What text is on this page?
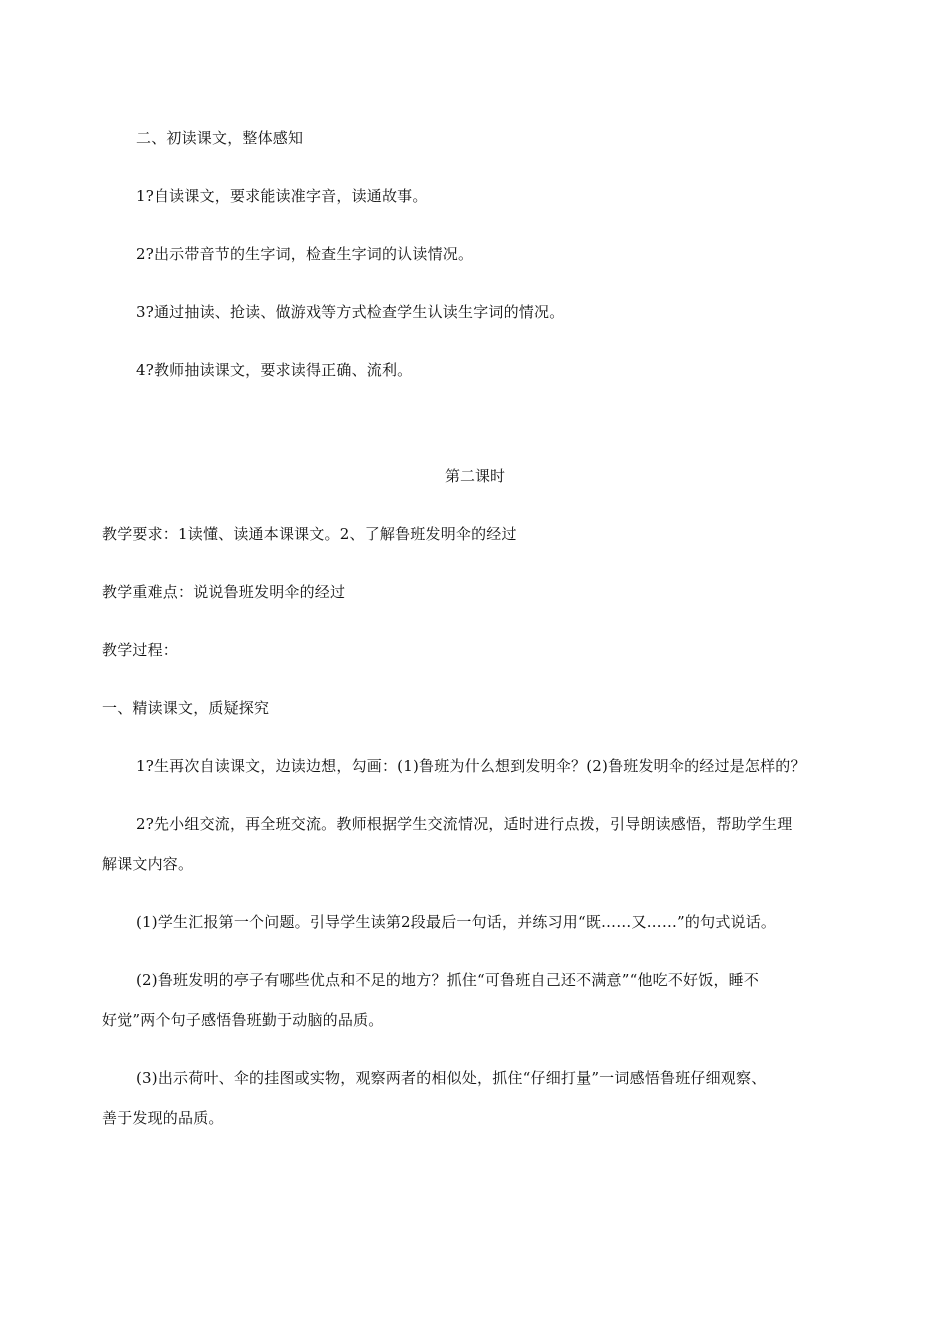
二、初读课文，整体感知
1?自读课文，要求能读准字音，读通故事。
2?出示带音节的生字词，检查生字词的认读情况。
3?通过抽读、抢读、做游戏等方式检查学生认读生字词的情况。
4?教师抽读课文，要求读得正确、流利。
第二课时
教学要求：1读懂、读通本课课文。2、了解鲁班发明伞的经过
教学重难点：说说鲁班发明伞的经过
教学过程：
一、精读课文，质疑探究
1?生再次自读课文，边读边想，勾画：(1)鲁班为什么想到发明伞？(2)鲁班发明伞的经过是怎样的？
2?先小组交流，再全班交流。教师根据学生交流情况，适时进行点拨，引导朗读感悟，帮助学生理
解课文内容。
(1)学生汇报第一个问题。引导学生读第2段最后一句话，并练习用“既……又……”的句式说话。
(2)鲁班发明的亭子有哪些优点和不足的地方？抓住“可鲁班自己还不满意”“他吃不好饭，睡不
好觉”两个句子感悟鲁班勤于动脑的品质。
(3)出示荷叶、伞的挂图或实物，观察两者的相似处，抓住“仔细打量”一词感悟鲁班仔细观察、
善于发现的品质。
